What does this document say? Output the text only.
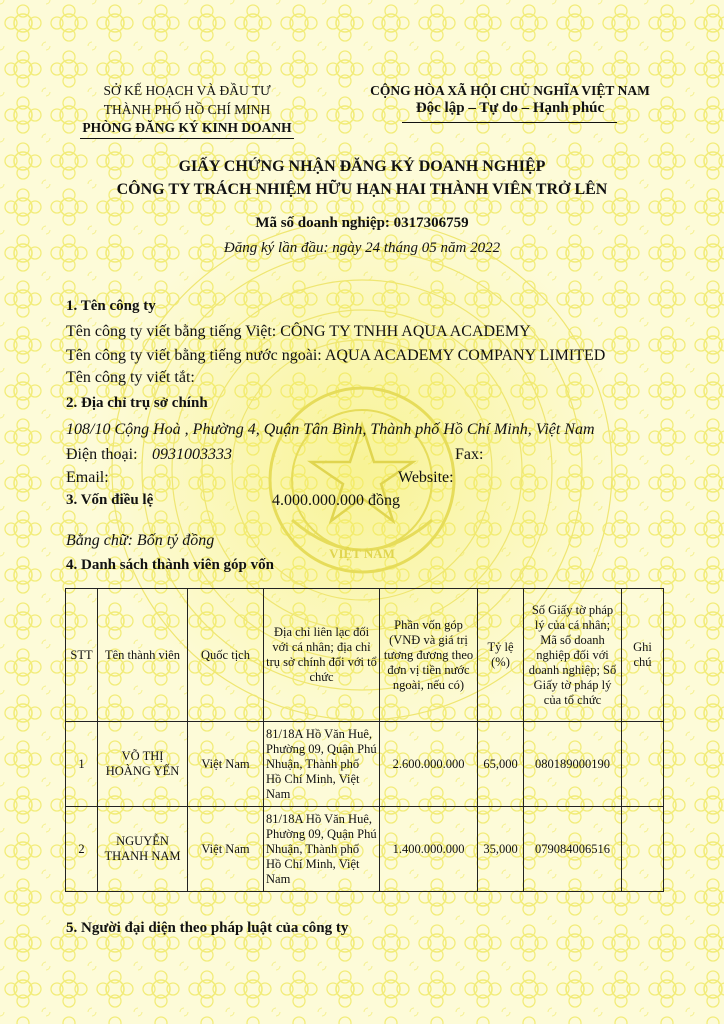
VIỆT NAM
SỞ KẾ HOẠCH VÀ ĐẦU TƯ
THÀNH PHỐ HỒ CHÍ MINH
PHÒNG ĐĂNG KÝ KINH DOANH
CỘNG HÒA XÃ HỘI CHỦ NGHĨA VIỆT NAM
Độc lập – Tự do – Hạnh phúc
GIẤY CHỨNG NHẬN ĐĂNG KÝ DOANH NGHIỆP
CÔNG TY TRÁCH NHIỆM HỮU HẠN HAI THÀNH VIÊN TRỞ LÊN
Mã số doanh nghiệp: 0317306759
Đăng ký lần đầu: ngày 24 tháng 05 năm 2022
1. Tên công ty
Tên công ty viết bằng tiếng Việt: CÔNG TY TNHH AQUA ACADEMY
Tên công ty viết bằng tiếng nước ngoài: AQUA ACADEMY COMPANY LIMITED
Tên công ty viết tắt:
2. Địa chỉ trụ sở chính
108/10 Cộng Hoà , Phường 4, Quận Tân Bình, Thành phố Hồ Chí Minh, Việt Nam
Điện thoại: 0931003333	Fax:
Email:	Website:
3. Vốn điều lệ	4.000.000.000 đồng
Bằng chữ: Bốn tỷ đồng
4. Danh sách thành viên góp vốn
STT	Tên thành viên	Quốc tịch	Địa chỉ liên lạc đối với cá nhân; địa chỉ trụ sở chính đối với tổ chức	Phần vốn góp (VNĐ và giá trị tương đương theo đơn vị tiền nước ngoài, nếu có)	Tỷ lệ (%)	Số Giấy tờ pháp lý của cá nhân; Mã số doanh nghiệp đối với doanh nghiệp; Số Giấy tờ pháp lý của tổ chức	Ghi chú
1	VÕ THỊ HOÀNG YẾN	Việt Nam	81/18A Hồ Văn Huê, Phường 09, Quận Phú Nhuận, Thành phố Hồ Chí Minh, Việt Nam	2.600.000.000	65,000	080189000190	
2	NGUYỄN THANH NAM	Việt Nam	81/18A Hồ Văn Huê, Phường 09, Quận Phú Nhuận, Thành phố Hồ Chí Minh, Việt Nam	1.400.000.000	35,000	079084006516	
5. Người đại diện theo pháp luật của công ty
